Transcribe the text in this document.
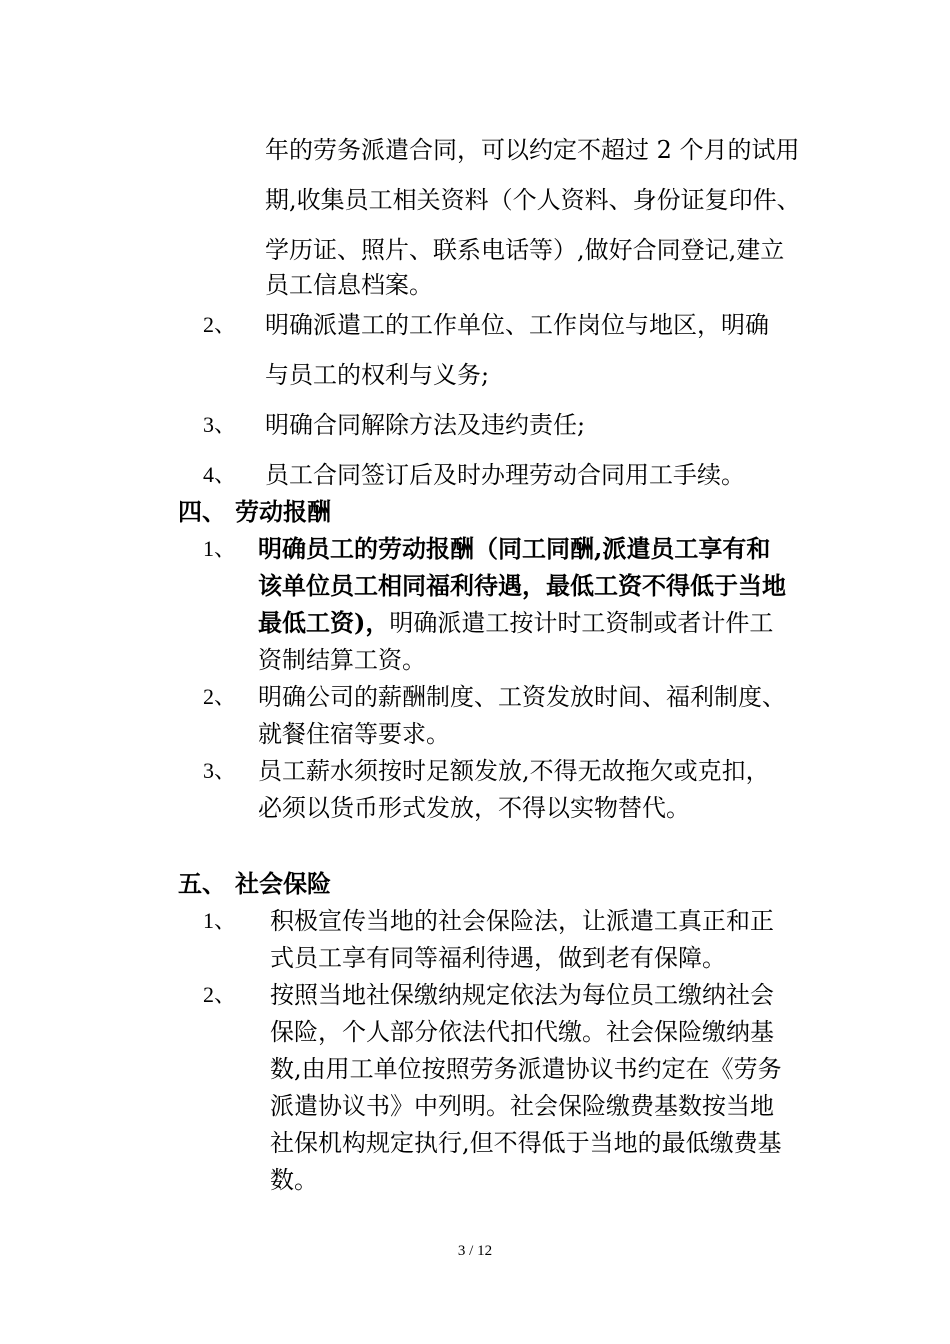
年的劳务派遣合同，可以约定不超过 2 个月的试用
期,收集员工相关资料（个人资料、身份证复印件、
学历证、照片、联系电话等）,做好合同登记,建立
员工信息档案。
2、 明确派遣工的工作单位、工作岗位与地区，明确
与员工的权利与义务;
3、 明确合同解除方法及违约责任;
4、 员工合同签订后及时办理劳动合同用工手续。
四、 劳动报酬
1、 明确员工的劳动报酬（同工同酬,派遣员工享有和
该单位员工相同福利待遇，最低工资不得低于当地
最低工资)，明确派遣工按计时工资制或者计件工
资制结算工资。
2、 明确公司的薪酬制度、工资发放时间、福利制度、
就餐住宿等要求。
3、 员工薪水须按时足额发放,不得无故拖欠或克扣，
必须以货币形式发放，不得以实物替代。
五、 社会保险
1、 积极宣传当地的社会保险法，让派遣工真正和正
式员工享有同等福利待遇，做到老有保障。
2、 按照当地社保缴纳规定依法为每位员工缴纳社会
保险，个人部分依法代扣代缴。社会保险缴纳基
数,由用工单位按照劳务派遣协议书约定在《劳务
派遣协议书》中列明。社会保险缴费基数按当地
社保机构规定执行,但不得低于当地的最低缴费基
数。
3 / 12
